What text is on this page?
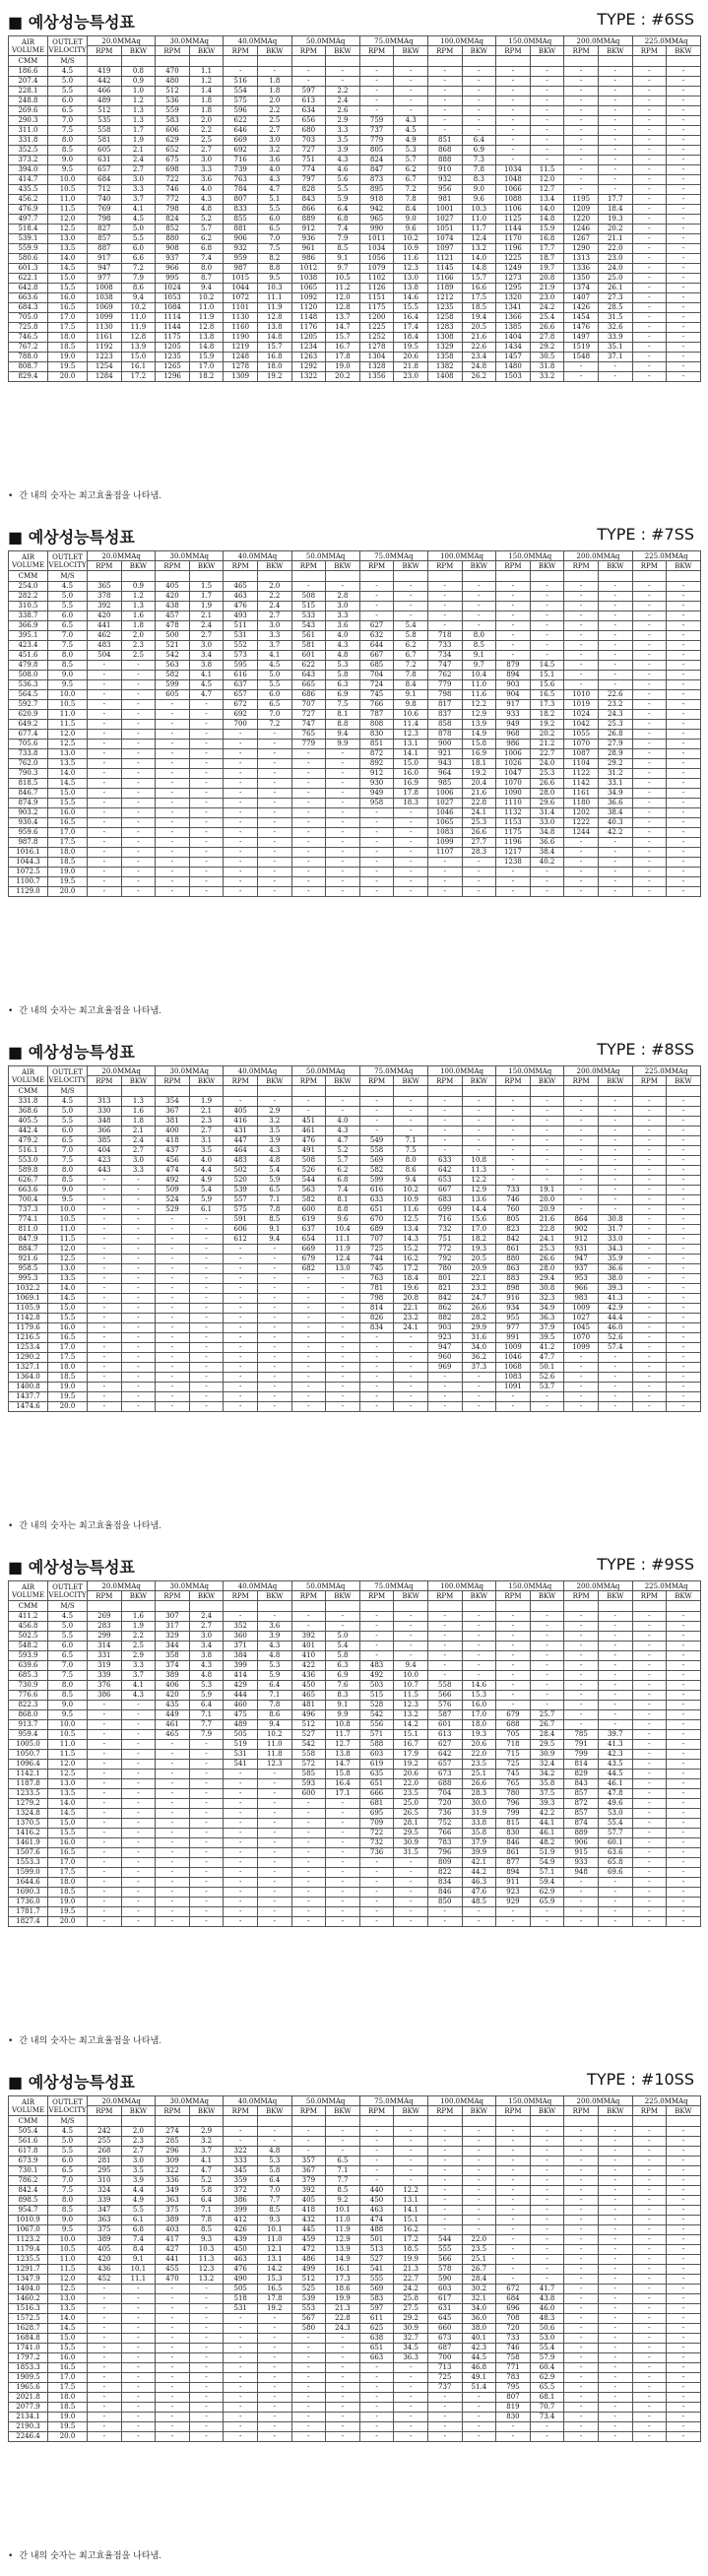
■ 예상성능특성표	TYPE : #6SS
AIR VOLUME	OUTLET VELOCITY	20.0MMAq		30.0MMAq		40.0MMAq		50.0MMAq		75.0MMAq		100.0MMAq		150.0MMAq		200.0MMAq		225.0MMAq	
		RPM	BKW	RPM	BKW	RPM	BKW	RPM	BKW	RPM	BKW	RPM	BKW	RPM	BKW	RPM	BKW	RPM	BKW
CMM	M/S																		
186.6	4.5	419	0.8	470	1.1	-	-	-	-	-	-	-	-	-	-	-	-	-	-
207.4	5.0	442	0.9	480	1.2	516	1.8	-	-	-	-	-	-	-	-	-	-	-	-
228.1	5.5	466	1.0	512	1.4	554	1.8	597	2.2	-	-	-	-	-	-	-	-	-	-
248.8	6.0	489	1.2	536	1.8	575	2.0	613	2.4	-	-	-	-	-	-	-	-	-	-
269.6	6.5	512	1.3	559	1.8	596	2.2	634	2.6	-	-	-	-	-	-	-	-	-	-
290.3	7.0	535	1.3	583	2.0	622	2.5	656	2.9	759	4.3	-	-	-	-	-	-	-	-
311.0	7.5	558	1.7	606	2.2	646	2.7	680	3.3	737	4.5	-	-	-	-	-	-	-	-
331.8	8.0	581	1.9	629	2.5	669	3.0	703	3.5	779	4.9	851	6.4	-	-	-	-	-	-
352.5	8.5	605	2.1	652	2.7	692	3.2	727	3.9	805	5.3	868	6.9	-	-	-	-	-	-
373.2	9.0	631	2.4	675	3.0	716	3.6	751	4.3	824	5.7	888	7.3	-	-	-	-	-	-
394.0	9.5	657	2.7	698	3.3	739	4.0	774	4.6	847	6.2	910	7.8	1034	11.5	-	-	-	-
414.7	10.0	684	3.0	722	3.6	763	4.3	797	5.6	873	6.7	932	8.3	1048	12.0	-	-	-	-
435.5	10.5	712	3.3	746	4.0	784	4.7	828	5.5	895	7.2	956	9.0	1066	12.7	-	-	-	-
456.2	11.0	740	3.7	772	4.3	807	5.1	843	5.9	918	7.8	981	9.6	1088	13.4	1195	17.7	-	-
476.9	11.5	769	4.1	798	4.8	833	5.5	866	6.4	942	8.4	1001	10.3	1106	14.0	1209	18.4	-	-
497.7	12.0	798	4.5	824	5.2	855	6.0	889	6.8	965	9.0	1027	11.0	1125	14.8	1220	19.3	-	-
518.4	12.5	827	5.0	852	5.7	881	6.5	912	7.4	990	9.6	1051	11.7	1144	15.9	1246	20.2	-	-
539.1	13.0	857	5.5	880	6.2	906	7.0	936	7.9	1011	10.2	1074	12.4	1170	16.8	1267	21.1	-	-
559.9	13.5	887	6.0	908	6.8	932	7.5	961	8.5	1034	10.9	1097	13.2	1196	17.7	1290	22.0	-	-
580.6	14.0	917	6.6	937	7.4	959	8.2	986	9.1	1056	11.6	1121	14.0	1225	18.7	1313	23.0	-	-
601.3	14.5	947	7.2	966	8.0	987	8.8	1012	9.7	1079	12.3	1145	14.8	1249	19.7	1336	24.0	-	-
622.1	15.0	977	7.9	995	8.7	1015	9.5	1038	10.5	1102	13.0	1166	15.7	1273	20.8	1350	25.0	-	-
642.8	15.5	1008	8.6	1024	9.4	1044	10.3	1065	11.2	1126	13.8	1189	16.6	1295	21.9	1374	26.1	-	-
663.6	16.0	1038	9.4	1053	10.2	1072	11.1	1092	12.0	1151	14.6	1212	17.5	1320	23.0	1407	27.3	-	-
684.3	16.5	1069	10.2	1084	11.0	1101	11.9	1120	12.8	1175	15.5	1235	18.5	1341	24.2	1426	28.5	-	-
705.0	17.0	1099	11.0	1114	11.9	1130	12.8	1148	13.7	1200	16.4	1258	19.4	1366	25.4	1454	31.5	-	-
725.8	17.5	1130	11.9	1144	12.8	1160	13.8	1176	14.7	1225	17.4	1283	20.5	1385	26.6	1476	32.6	-	-
746.5	18.0	1161	12.8	1175	13.8	1190	14.8	1205	15.7	1252	18.4	1308	21.6	1404	27.8	1497	33.9	-	-
767.2	18.5	1192	13.9	1205	14.8	1219	15.7	1234	16.7	1278	19.5	1329	22.6	1434	29.2	1519	35.1	-	-
788.0	19.0	1223	15.0	1235	15.9	1248	16.8	1263	17.8	1304	20.6	1358	23.4	1457	30.5	1548	37.1	-	-
808.7	19.5	1254	16.1	1265	17.0	1278	18.0	1292	19.0	1328	21.8	1382	24.8	1480	31.8	-	-	-	-
829.4	20.0	1284	17.2	1296	18.2	1309	19.2	1322	20.2	1356	23.0	1408	26.2	1503	33.2	-	-	-	-
• 간 내의 숫자는 최고효율점을 나타냄.
■ 예상성능특성표	TYPE : #7SS
AIR VOLUME	OUTLET VELOCITY	20.0MMAq		30.0MMAq		40.0MMAq		50.0MMAq		75.0MMAq		100.0MMAq		150.0MMAq		200.0MMAq		225.0MMAq	
		RPM	BKW	RPM	BKW	RPM	BKW	RPM	BKW	RPM	BKW	RPM	BKW	RPM	BKW	RPM	BKW	RPM	BKW
CMM	M/S																		
254.0	4.5	365	0.9	405	1.5	465	2.0	-	-	-	-	-	-	-	-	-	-	-	-
282.2	5.0	378	1.2	420	1.7	463	2.2	508	2.8	-	-	-	-	-	-	-	-	-	-
310.5	5.5	392	1.3	438	1.9	476	2.4	515	3.0	-	-	-	-	-	-	-	-	-	-
338.7	6.0	420	1.6	457	2.1	493	2.7	533	3.3	-	-	-	-	-	-	-	-	-	-
366.9	6.5	441	1.8	478	2.4	511	3.0	543	3.6	627	5.4	-	-	-	-	-	-	-	-
395.1	7.0	462	2.0	500	2.7	531	3.3	561	4.0	632	5.8	718	8.0	-	-	-	-	-	-
423.4	7.5	483	2.3	521	3.0	552	3.7	581	4.3	644	6.2	733	8.5	-	-	-	-	-	-
451.6	8.0	504	2.5	542	3.4	573	4.1	601	4.8	667	6.7	734	9.1	-	-	-	-	-	-
479.8	8.5	-	-	563	3.8	595	4.5	622	5.3	685	7.2	747	9.7	879	14.5	-	-	-	-
508.0	9.0	-	-	582	4.1	616	5.0	643	5.8	704	7.8	762	10.4	894	15.1	-	-	-	-
536.3	9.5	-	-	599	4.5	637	5.5	665	6.3	724	8.4	779	11.0	903	15.6	-	-	-	-
564.5	10.0	-	-	605	4.7	657	6.0	686	6.9	745	9.1	798	11.6	904	16.5	1010	22.6	-	-
592.7	10.5	-	-	-	-	672	6.5	707	7.5	766	9.8	817	12.2	917	17.3	1019	23.2	-	-
620.9	11.0	-	-	-	-	692	7.0	727	8.1	787	10.6	837	12.9	933	18.2	1024	24.3	-	-
649.2	11.5	-	-	-	-	700	7.2	747	8.8	808	11.4	858	13.9	949	19.2	1042	25.3	-	-
677.4	12.0	-	-	-	-	-	-	765	9.4	830	12.3	878	14.9	968	20.2	1055	26.8	-	-
705.6	12.5	-	-	-	-	-	-	779	9.9	851	13.1	900	15.8	986	21.2	1070	27.9	-	-
733.8	13.0	-	-	-	-	-	-	-	-	872	14.1	921	16.9	1006	22.7	1087	28.9	-	-
762.0	13.5	-	-	-	-	-	-	-	-	892	15.0	943	18.1	1026	24.0	1104	29.2	-	-
790.3	14.0	-	-	-	-	-	-	-	-	912	16.0	964	19.2	1047	25.3	1122	31.2	-	-
818.5	14.5	-	-	-	-	-	-	-	-	930	16.9	985	20.4	1070	26.6	1142	33.1	-	-
846.7	15.0	-	-	-	-	-	-	-	-	949	17.8	1006	21.6	1090	28.0	1161	34.9	-	-
874.9	15.5	-	-	-	-	-	-	-	-	958	18.3	1027	22.8	1110	29.6	1180	36.6	-	-
903.2	16.0	-	-	-	-	-	-	-	-	-	-	1046	24.1	1132	31.4	1202	38.4	-	-
930.4	16.5	-	-	-	-	-	-	-	-	-	-	1065	25.3	1153	33.0	1222	40.3	-	-
959.6	17.0	-	-	-	-	-	-	-	-	-	-	1083	26.6	1175	34.8	1244	42.2	-	-
987.8	17.5	-	-	-	-	-	-	-	-	-	-	1099	27.7	1196	36.6	-	-	-	-
1016.1	18.0	-	-	-	-	-	-	-	-	-	-	1107	28.3	1217	38.4	-	-	-	-
1044.3	18.5	-	-	-	-	-	-	-	-	-	-	-	-	1238	40.2	-	-	-	-
1072.5	19.0	-	-	-	-	-	-	-	-	-	-	-	-	-	-	-	-	-	-
1100.7	19.5	-	-	-	-	-	-	-	-	-	-	-	-	-	-	-	-	-	-
1129.0	20.0	-	-	-	-	-	-	-	-	-	-	-	-	-	-	-	-	-	-
• 간 내의 숫자는 최고효율점을 나타냄.
■ 예상성능특성표	TYPE : #8SS
AIR VOLUME	OUTLET VELOCITY	20.0MMAq		30.0MMAq		40.0MMAq		50.0MMAq		75.0MMAq		100.0MMAq		150.0MMAq		200.0MMAq		225.0MMAq	
		RPM	BKW	RPM	BKW	RPM	BKW	RPM	BKW	RPM	BKW	RPM	BKW	RPM	BKW	RPM	BKW	RPM	BKW
CMM	M/S																		
331.8	4.5	313	1.3	354	1.9	-	-	-	-	-	-	-	-	-	-	-	-	-	-
368.6	5.0	330	1.6	367	2.1	405	2.9	-	-	-	-	-	-	-	-	-	-	-	-
405.5	5.5	348	1.8	381	2.3	416	3.2	451	4.0	-	-	-	-	-	-	-	-	-	-
442.4	6.0	366	2.1	400	2.7	431	3.5	461	4.3	-	-	-	-	-	-	-	-	-	-
479.2	6.5	385	2.4	418	3.1	447	3.9	476	4.7	549	7.1	-	-	-	-	-	-	-	-
516.1	7.0	404	2.7	437	3.5	464	4.3	491	5.2	558	7.5	-	-	-	-	-	-	-	-
553.0	7.5	423	3.0	456	4.0	483	4.8	508	5.7	569	8.0	633	10.8	-	-	-	-	-	-
589.8	8.0	443	3.3	474	4.4	502	5.4	526	6.2	582	8.6	642	11.3	-	-	-	-	-	-
626.7	8.5	-	-	492	4.9	520	5.9	544	6.8	599	9.4	653	12.2	-	-	-	-	-	-
663.6	9.0	-	-	509	5.4	539	6.5	563	7.4	616	10.2	667	12.9	733	19.1	-	-	-	-
700.4	9.5	-	-	524	5.9	557	7.1	582	8.1	633	10.9	683	13.6	746	20.0	-	-	-	-
737.3	10.0	-	-	529	6.1	575	7.8	600	8.8	651	11.6	699	14.4	760	20.9	-	-	-	-
774.1	10.5	-	-	-	-	591	8.5	619	9.6	670	12.5	716	15.6	805	21.6	864	30.8	-	-
811.0	11.0	-	-	-	-	606	9.1	637	10.4	689	13.4	732	17.0	823	22.8	902	31.7	-	-
847.9	11.5	-	-	-	-	612	9.4	654	11.1	707	14.3	751	18.2	842	24.1	912	33.0	-	-
884.7	12.0	-	-	-	-	-	-	669	11.9	725	15.2	772	19.3	861	25.3	931	34.3	-	-
921.6	12.5	-	-	-	-	-	-	679	12.4	744	16.2	792	20.5	880	26.6	947	35.9	-	-
958.5	13.0	-	-	-	-	-	-	682	13.0	745	17.2	780	20.9	863	28.0	937	36.6	-	-
995.3	13.5	-	-	-	-	-	-	-	-	763	18.4	801	22.1	883	29.4	953	38.0	-	-
1032.2	14.0	-	-	-	-	-	-	-	-	781	19.6	821	23.2	898	30.8	966	39.3	-	-
1069.1	14.5	-	-	-	-	-	-	-	-	798	20.8	842	24.7	916	32.3	983	41.3	-	-
1105.9	15.0	-	-	-	-	-	-	-	-	814	22.1	862	26.6	934	34.9	1009	42.9	-	-
1142.8	15.5	-	-	-	-	-	-	-	-	826	23.2	882	28.2	955	36.3	1027	44.4	-	-
1179.6	16.0	-	-	-	-	-	-	-	-	834	24.1	903	29.9	977	37.9	1045	46.0	-	-
1216.5	16.5	-	-	-	-	-	-	-	-	-	-	923	31.6	991	39.5	1070	52.6	-	-
1253.4	17.0	-	-	-	-	-	-	-	-	-	-	947	34.0	1009	41.2	1099	57.4	-	-
1290.2	17.5	-	-	-	-	-	-	-	-	-	-	960	36.2	1046	47.7	-	-	-	-
1327.1	18.0	-	-	-	-	-	-	-	-	-	-	969	37.3	1068	50.1	-	-	-	-
1364.0	18.5	-	-	-	-	-	-	-	-	-	-	-	-	1083	52.6	-	-	-	-
1400.8	19.0	-	-	-	-	-	-	-	-	-	-	-	-	1091	53.7	-	-	-	-
1437.7	19.5	-	-	-	-	-	-	-	-	-	-	-	-	-	-	-	-	-	-
1474.6	20.0	-	-	-	-	-	-	-	-	-	-	-	-	-	-	-	-	-	-
• 간 내의 숫자는 최고효율점을 나타냄.
■ 예상성능특성표	TYPE : #9SS
AIR VOLUME	OUTLET VELOCITY	20.0MMAq		30.0MMAq		40.0MMAq		50.0MMAq		75.0MMAq		100.0MMAq		150.0MMAq		200.0MMAq		225.0MMAq	
		RPM	BKW	RPM	BKW	RPM	BKW	RPM	BKW	RPM	BKW	RPM	BKW	RPM	BKW	RPM	BKW	RPM	BKW
CMM	M/S																		
411.2	4.5	269	1.6	307	2.4	-	-	-	-	-	-	-	-	-	-	-	-	-	-
456.8	5.0	283	1.9	317	2.7	352	3.6	-	-	-	-	-	-	-	-	-	-	-	-
502.5	5.5	299	2.2	329	3.0	360	3.9	392	5.0	-	-	-	-	-	-	-	-	-	-
548.2	6.0	314	2.5	344	3.4	371	4.3	401	5.4	-	-	-	-	-	-	-	-	-	-
593.9	6.5	331	2.9	358	3.8	384	4.8	410	5.8	-	-	-	-	-	-	-	-	-	-
639.6	7.0	319	3.3	374	4.3	399	5.3	422	6.3	483	9.4	-	-	-	-	-	-	-	-
685.3	7.5	339	3.7	389	4.8	414	5.9	436	6.9	492	10.0	-	-	-	-	-	-	-	-
730.9	8.0	376	4.1	406	5.3	429	6.4	450	7.6	503	10.7	558	14.6	-	-	-	-	-	-
776.6	8.5	386	4.3	420	5.9	444	7.1	465	8.3	515	11.5	566	15.3	-	-	-	-	-	-
822.3	9.0	-	-	435	6.4	460	7.8	481	9.1	528	12.3	576	16.0	-	-	-	-	-	-
868.0	9.5	-	-	449	7.1	475	8.6	496	9.9	542	13.2	587	17.0	679	25.7	-	-	-	-
913.7	10.0	-	-	461	7.7	489	9.4	512	10.8	556	14.2	601	18.0	688	26.7	-	-	-	-
959.4	10.5	-	-	465	7.9	505	10.2	527	11.7	571	15.1	613	19.3	705	28.4	785	39.7	-	-
1005.0	11.0	-	-	-	-	519	11.0	542	12.7	588	16.7	627	20.6	718	29.5	791	41.3	-	-
1050.7	11.5	-	-	-	-	531	11.8	558	13.8	603	17.9	642	22.0	715	30.9	799	42.3	-	-
1096.4	12.0	-	-	-	-	541	12.3	572	14.7	619	19.2	657	23.5	725	32.4	814	43.5	-	-
1142.1	12.5	-	-	-	-	-	-	585	15.8	635	20.6	673	25.1	745	34.2	829	44.5	-	-
1187.8	13.0	-	-	-	-	-	-	593	16.4	651	22.0	688	26.6	765	35.8	843	46.1	-	-
1233.5	13.5	-	-	-	-	-	-	600	17.1	666	23.5	704	28.3	780	37.5	857	47.8	-	-
1279.2	14.0	-	-	-	-	-	-	-	-	681	25.0	720	30.0	796	39.3	872	49.6	-	-
1324.8	14.5	-	-	-	-	-	-	-	-	695	26.5	736	31.9	799	42.2	857	53.0	-	-
1370.5	15.0	-	-	-	-	-	-	-	-	709	28.1	752	33.8	815	44.1	874	55.4	-	-
1416.2	15.5	-	-	-	-	-	-	-	-	722	29.5	766	35.8	830	46.1	889	57.7	-	-
1461.9	16.0	-	-	-	-	-	-	-	-	732	30.9	783	37.9	846	48.2	906	60.1	-	-
1507.6	16.5	-	-	-	-	-	-	-	-	736	31.5	796	39.9	861	51.9	915	63.6	-	-
1553.3	17.0	-	-	-	-	-	-	-	-	-	-	809	42.1	877	54.9	933	65.8	-	-
1599.0	17.5	-	-	-	-	-	-	-	-	-	-	822	44.2	894	57.1	948	69.6	-	-
1644.6	18.0	-	-	-	-	-	-	-	-	-	-	834	46.3	911	59.4	-	-	-	-
1690.3	18.5	-	-	-	-	-	-	-	-	-	-	846	47.6	923	62.9	-	-	-	-
1736.0	19.0	-	-	-	-	-	-	-	-	-	-	850	48.5	929	65.9	-	-	-	-
1781.7	19.5	-	-	-	-	-	-	-	-	-	-	-	-	-	-	-	-	-	-
1827.4	20.0	-	-	-	-	-	-	-	-	-	-	-	-	-	-	-	-	-	-
• 간 내의 숫자는 최고효율점을 나타냄.
■ 예상성능특성표	TYPE : #10SS
AIR VOLUME	OUTLET VELOCITY	20.0MMAq		30.0MMAq		40.0MMAq		50.0MMAq		75.0MMAq		100.0MMAq		150.0MMAq		200.0MMAq		225.0MMAq	
		RPM	BKW	RPM	BKW	RPM	BKW	RPM	BKW	RPM	BKW	RPM	BKW	RPM	BKW	RPM	BKW	RPM	BKW
CMM	M/S																		
505.4	4.5	242	2.0	274	2.9	-	-	-	-	-	-	-	-	-	-	-	-	-	-
561.6	5.0	255	2.3	285	3.2	-	-	-	-	-	-	-	-	-	-	-	-	-	-
617.8	5.5	268	2.7	296	3.7	322	4.8	-	-	-	-	-	-	-	-	-	-	-	-
673.9	6.0	281	3.0	309	4.1	333	5.3	357	6.5	-	-	-	-	-	-	-	-	-	-
730.1	6.5	295	3.5	322	4.7	345	5.8	367	7.1	-	-	-	-	-	-	-	-	-	-
786.2	7.0	310	3.9	336	5.2	359	6.4	379	7.7	-	-	-	-	-	-	-	-	-	-
842.4	7.5	324	4.4	349	5.8	372	7.0	392	8.5	440	12.2	-	-	-	-	-	-	-	-
898.5	8.0	339	4.9	363	6.4	386	7.7	405	9.2	450	13.1	-	-	-	-	-	-	-	-
954.7	8.5	347	5.5	375	7.1	399	8.5	418	10.1	463	14.1	-	-	-	-	-	-	-	-
1010.9	9.0	363	6.1	389	7.8	412	9.3	432	11.0	474	15.1	-	-	-	-	-	-	-	-
1067.0	9.5	375	6.8	403	8.5	426	10.1	445	11.9	488	16.2	-	-	-	-	-	-	-	-
1123.2	10.0	389	7.4	417	9.3	439	11.0	459	12.9	501	17.2	544	22.0	-	-	-	-	-	-
1179.4	10.5	405	8.4	427	10.3	450	12.1	472	13.9	513	18.5	555	23.5	-	-	-	-	-	-
1235.5	11.0	420	9.1	441	11.3	463	13.1	486	14.9	527	19.9	566	25.1	-	-	-	-	-	-
1291.7	11.5	436	10.1	455	12.3	476	14.2	499	16.1	541	21.3	578	26.7	-	-	-	-	-	-
1347.9	12.0	452	11.1	470	13.2	490	15.3	512	17.3	555	22.7	590	28.4	-	-	-	-	-	-
1404.0	12.5	-	-	-	-	505	16.5	525	18.6	569	24.2	603	30.2	672	41.7	-	-	-	-
1460.2	13.0	-	-	-	-	518	17.8	539	19.9	583	25.8	617	32.1	684	43.8	-	-	-	-
1516.3	13.5	-	-	-	-	531	19.2	553	21.3	597	27.5	631	34.0	696	46.0	-	-	-	-
1572.5	14.0	-	-	-	-	-	-	567	22.8	611	29.2	645	36.0	708	48.3	-	-	-	-
1628.7	14.5	-	-	-	-	-	-	580	24.3	625	30.9	660	38.0	720	50.6	-	-	-	-
1684.8	15.0	-	-	-	-	-	-	-	-	638	32.7	673	40.1	733	53.0	-	-	-	-
1741.0	15.5	-	-	-	-	-	-	-	-	651	34.5	687	42.3	746	55.4	-	-	-	-
1797.2	16.0	-	-	-	-	-	-	-	-	663	36.3	700	44.5	758	57.9	-	-	-	-
1853.3	16.5	-	-	-	-	-	-	-	-	-	-	713	46.8	771	60.4	-	-	-	-
1909.5	17.0	-	-	-	-	-	-	-	-	-	-	725	49.1	783	62.9	-	-	-	-
1965.6	17.5	-	-	-	-	-	-	-	-	-	-	737	51.4	795	65.5	-	-	-	-
2021.8	18.0	-	-	-	-	-	-	-	-	-	-	-	-	807	68.1	-	-	-	-
2077.9	18.5	-	-	-	-	-	-	-	-	-	-	-	-	819	70.7	-	-	-	-
2134.1	19.0	-	-	-	-	-	-	-	-	-	-	-	-	830	73.4	-	-	-	-
2190.3	19.5	-	-	-	-	-	-	-	-	-	-	-	-	-	-	-	-	-	-
2246.4	20.0	-	-	-	-	-	-	-	-	-	-	-	-	-	-	-	-	-	-
• 간 내의 숫자는 최고효율점을 나타냄.
